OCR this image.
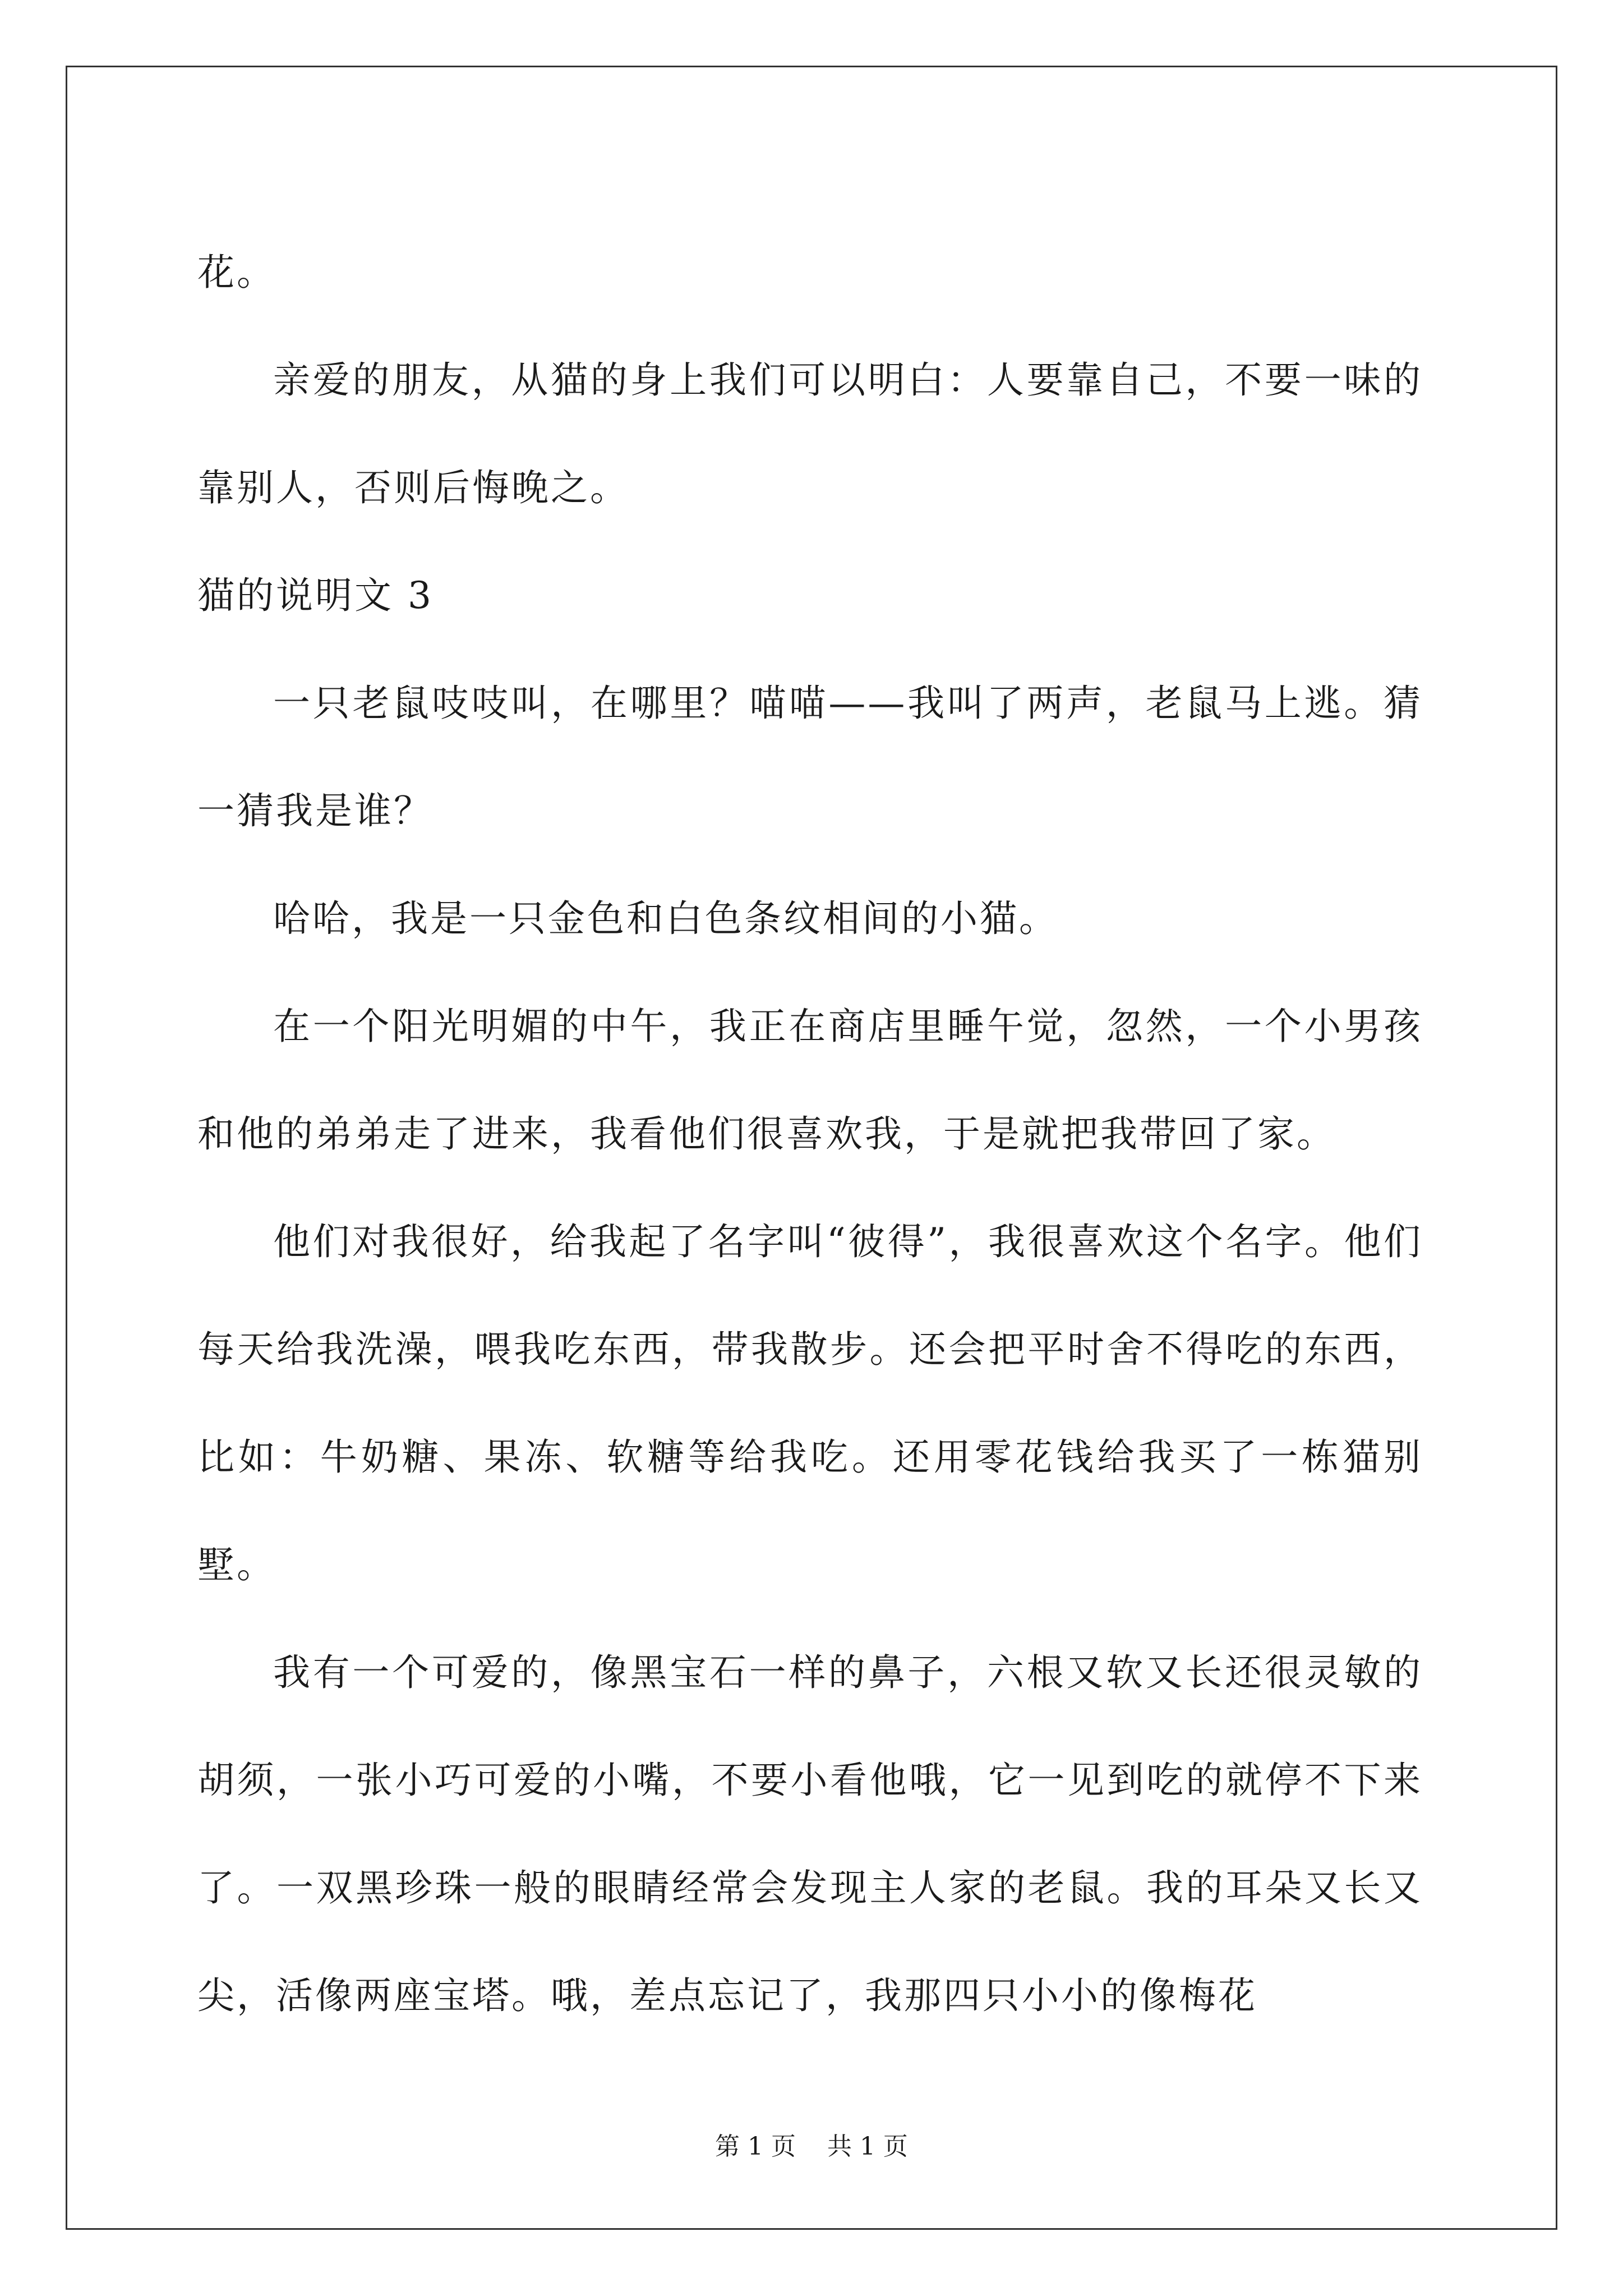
花。

亲爱的朋友，从猫的身上我们可以明白：人要靠自己，不要一味的靠别人，否则后悔晚之。

猫的说明文 3

一只老鼠吱吱叫，在哪里？喵喵——我叫了两声，老鼠马上逃。猜一猜我是谁？

哈哈，我是一只金色和白色条纹相间的小猫。

在一个阳光明媚的中午，我正在商店里睡午觉，忽然，一个小男孩和他的弟弟走了进来，我看他们很喜欢我，于是就把我带回了家。

他们对我很好，给我起了名字叫“彼得”，我很喜欢这个名字。他们每天给我洗澡，喂我吃东西，带我散步。还会把平时舍不得吃的东西，比如：牛奶糖、果冻、软糖等给我吃。还用零花钱给我买了一栋猫别墅。

我有一个可爱的，像黑宝石一样的鼻子，六根又软又长还很灵敏的胡须，一张小巧可爱的小嘴，不要小看他哦，它一见到吃的就停不下来了。一双黑珍珠一般的眼睛经常会发现主人家的老鼠。我的耳朵又长又尖，活像两座宝塔。哦，差点忘记了，我那四只小小的像梅花

第 1 页    共 1 页
